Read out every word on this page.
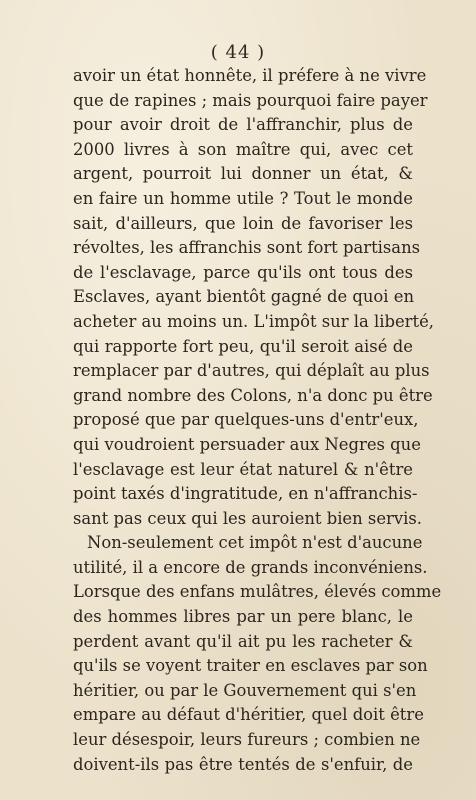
( 44 )
avoir un état honnête, il préfere à ne vivre
que de rapines ; mais pourquoi faire payer
pour avoir droit de l'affranchir, plus de
2000 livres à son maître qui, avec cet
argent, pourroit lui donner un état, &
en faire un homme utile ? Tout le monde
sait, d'ailleurs, que loin de favoriser les
révoltes, les affranchis sont fort partisans
de l'esclavage, parce qu'ils ont tous des
Esclaves, ayant bientôt gagné de quoi en
acheter au moins un. L'impôt sur la liberté,
qui rapporte fort peu, qu'il seroit aisé de
remplacer par d'autres, qui déplaît au plus
grand nombre des Colons, n'a donc pu être
proposé que par quelques-uns d'entr'eux,
qui voudroient persuader aux Negres que
l'esclavage est leur état naturel & n'être
point taxés d'ingratitude, en n'affranchis-
sant pas ceux qui les auroient bien servis.
Non-seulement cet impôt n'est d'aucune
utilité, il a encore de grands inconvéniens.
Lorsque des enfans mulâtres, élevés comme
des hommes libres par un pere blanc, le
perdent avant qu'il ait pu les racheter &
qu'ils se voyent traiter en esclaves par son
héritier, ou par le Gouvernement qui s'en
empare au défaut d'héritier, quel doit être
leur désespoir, leurs fureurs ; combien ne
doivent-ils pas être tentés de s'enfuir, de
